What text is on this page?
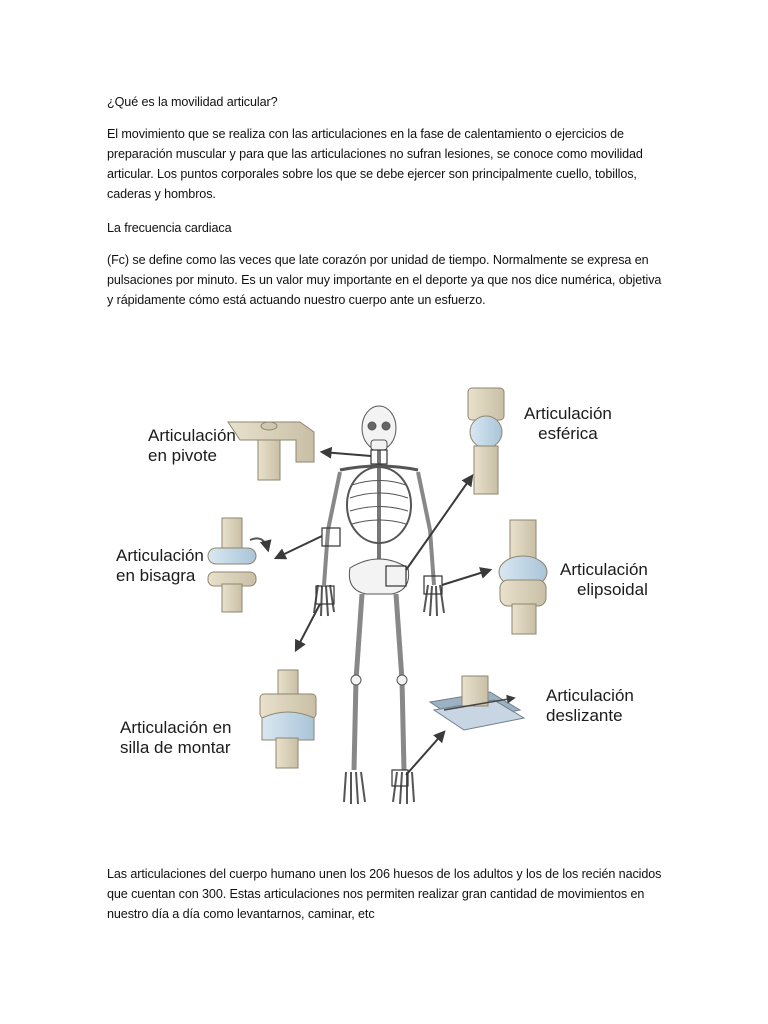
¿Qué es la movilidad articular?
El movimiento que se realiza con las articulaciones en la fase de calentamiento o ejercicios de preparación muscular y para que las articulaciones no sufran lesiones, se conoce como movilidad articular. Los puntos corporales sobre los que se debe ejercer son principalmente cuello, tobillos, caderas y hombros.
La frecuencia cardiaca
(Fc) se define como las veces que late corazón por unidad de tiempo. Normalmente se expresa en pulsaciones por minuto. Es un valor muy importante en el deporte ya que nos dice numérica, objetiva y rápidamente cómo está actuando nuestro cuerpo ante un esfuerzo.
Articulación
en pivote
Articulación
esférica
Articulación
en bisagra	Articulación
elipsoidal
Articulación en
silla de montar
Articulación
deslizante
Las articulaciones del cuerpo humano unen los 206 huesos de los adultos y los de los recién nacidos que cuentan con 300. Estas articulaciones nos permiten realizar gran cantidad de movimientos en nuestro día a día como levantarnos, caminar, etc
